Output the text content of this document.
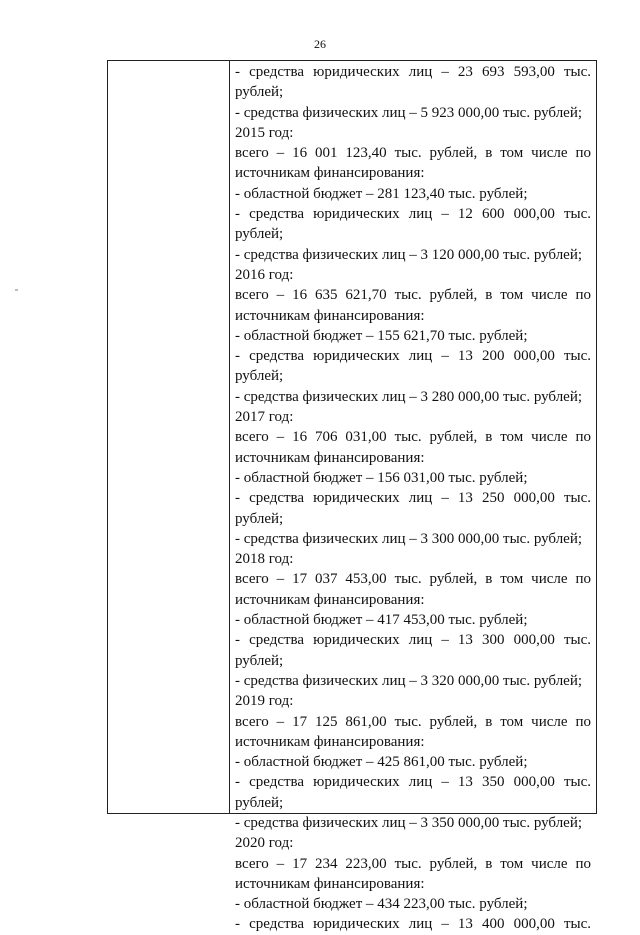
26
- средства юридических лиц – 23 693 593,00 тыс.
рублей;
- средства физических лиц – 5 923 000,00 тыс. рублей;
2015 год:
всего – 16 001 123,40 тыс. рублей, в том числе по
источникам финансирования:
- областной бюджет – 281 123,40 тыс. рублей;
- средства юридических лиц – 12 600 000,00 тыс.
рублей;
- средства физических лиц – 3 120 000,00 тыс. рублей;
2016 год:
всего – 16 635 621,70 тыс. рублей, в том числе по
источникам финансирования:
- областной бюджет – 155 621,70 тыс. рублей;
- средства юридических лиц – 13 200 000,00 тыс.
рублей;
- средства физических лиц – 3 280 000,00 тыс. рублей;
2017 год:
всего – 16 706 031,00 тыс. рублей, в том числе по
источникам финансирования:
- областной бюджет – 156 031,00 тыс. рублей;
- средства юридических лиц – 13 250 000,00 тыс.
рублей;
- средства физических лиц – 3 300 000,00 тыс. рублей;
2018 год:
всего – 17 037 453,00 тыс. рублей, в том числе по
источникам финансирования:
- областной бюджет – 417 453,00 тыс. рублей;
- средства юридических лиц – 13 300 000,00 тыс.
рублей;
- средства физических лиц – 3 320 000,00 тыс. рублей;
2019 год:
всего – 17 125 861,00 тыс. рублей, в том числе по
источникам финансирования:
- областной бюджет – 425 861,00 тыс. рублей;
- средства юридических лиц – 13 350 000,00 тыс.
рублей;
- средства физических лиц – 3 350 000,00 тыс. рублей;
2020 год:
всего – 17 234 223,00 тыс. рублей, в том числе по
источникам финансирования:
- областной бюджет – 434 223,00 тыс. рублей;
- средства юридических лиц – 13 400 000,00 тыс.
